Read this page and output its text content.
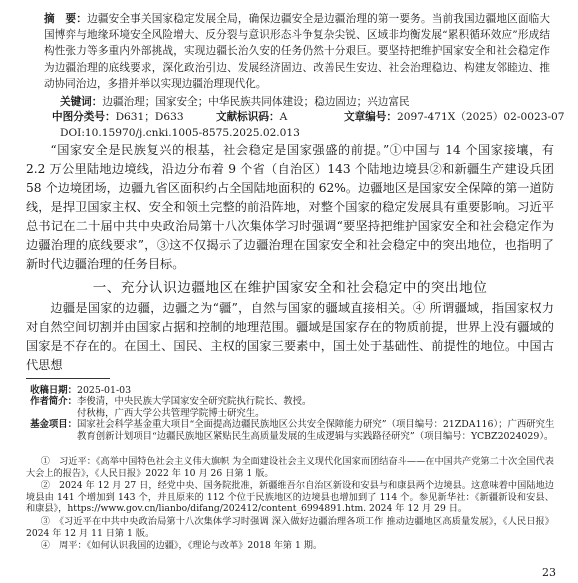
摘　要：边疆安全事关国家稳定发展全局，确保边疆安全是边疆治理的第一要务。当前我国边疆地区面临大国博弈与地缘环境安全风险增大、反分裂与意识形态斗争复杂尖锐、区域非均衡发展“累积循环效应”形成结构性张力等多重内外部挑战，实现边疆长治久安的任务仍然十分艰巨。要坚持把维护国家安全和社会稳定作为边疆治理的底线要求，深化政治引边、发展经济固边、改善民生安边、社会治理稳边、构建友邻睦边、推动协同治边，多措并举以实现边疆治理现代化。

关键词：边疆治理；国家安全；中华民族共同体建设；稳边固边；兴边富民

中图分类号：D631；D633	文献标识码：A	文章编号：2097-471X（2025）02-0023-07

DOI:10.15970/j.cnki.1005-8575.2025.02.013

“国家安全是民族复兴的根基，社会稳定是国家强盛的前提。”①中国与 14 个国家接壤，有 2.2 万公里陆地边境线，沿边分布着 9 个省（自治区）143 个陆地边境县②和新疆生产建设兵团 58 个边境团场，边疆九省区面积约占全国陆地面积的 62%。边疆地区是国家安全保障的第一道防线，是捍卫国家主权、安全和领土完整的前沿阵地，对整个国家的稳定发展具有重要影响。习近平总书记在二十届中共中央政治局第十八次集体学习时强调“要坚持把维护国家安全和社会稳定作为边疆治理的底线要求”，③这不仅揭示了边疆治理在国家安全和社会稳定中的突出地位，也指明了新时代边疆治理的任务目标。

一、充分认识边疆地区在维护国家安全和社会稳定中的突出地位

边疆是国家的边疆，边疆之为“疆”，自然与国家的疆域直接相关。④ 所谓疆域，指国家权力对自然空间切割并由国家占据和控制的地理范围。疆域是国家存在的物质前提，世界上没有疆域的国家是不存在的。在国土、国民、主权的国家三要素中，国土处于基础性、前提性的地位。中国古代思想

收稿日期： 2025-01-03
作者简介： 李俊清，中央民族大学国家安全研究院执行院长、教授。
付秋梅，广西大学公共管理学院博士研究生。
基金项目： 国家社会科学基金重大项目“全面提高边疆民族地区公共安全保障能力研究”（项目编号：21ZDA116）；广西研究生教育创新计划项目“边疆民族地区紧贴民生高质量发展的生成逻辑与实践路径研究”（项目编号：YCBZ2024029）。

①　习近平：《高举中国特色社会主义伟大旗帜 为全面建设社会主义现代化国家而团结奋斗——在中国共产党第二十次全国代表大会上的报告》，《人民日报》2022 年 10 月 26 日第 1 版。

②　2024 年 12 月 27 日，经党中央、国务院批准，新疆维吾尔自治区新设和安县与和康县两个边境县。这意味着中国陆地边境县由 141 个增加到 143 个，并且原来的 112 个位于民族地区的边境县也增加到了 114 个。参见新华社：《新疆新设和安县、和康县》，https://www.gov.cn/lianbo/difang/202412/content_6994891.htm. 2024 年 12 月 29 日。

③　《习近平在中共中央政治局第十八次集体学习时强调 深入做好边疆治理各项工作 推动边疆地区高质量发展》，《人民日报》2024 年 12 月 11 日第 1 版。

④　周平：《如何认识我国的边疆》，《理论与改革》2018 年第 1 期。

23
